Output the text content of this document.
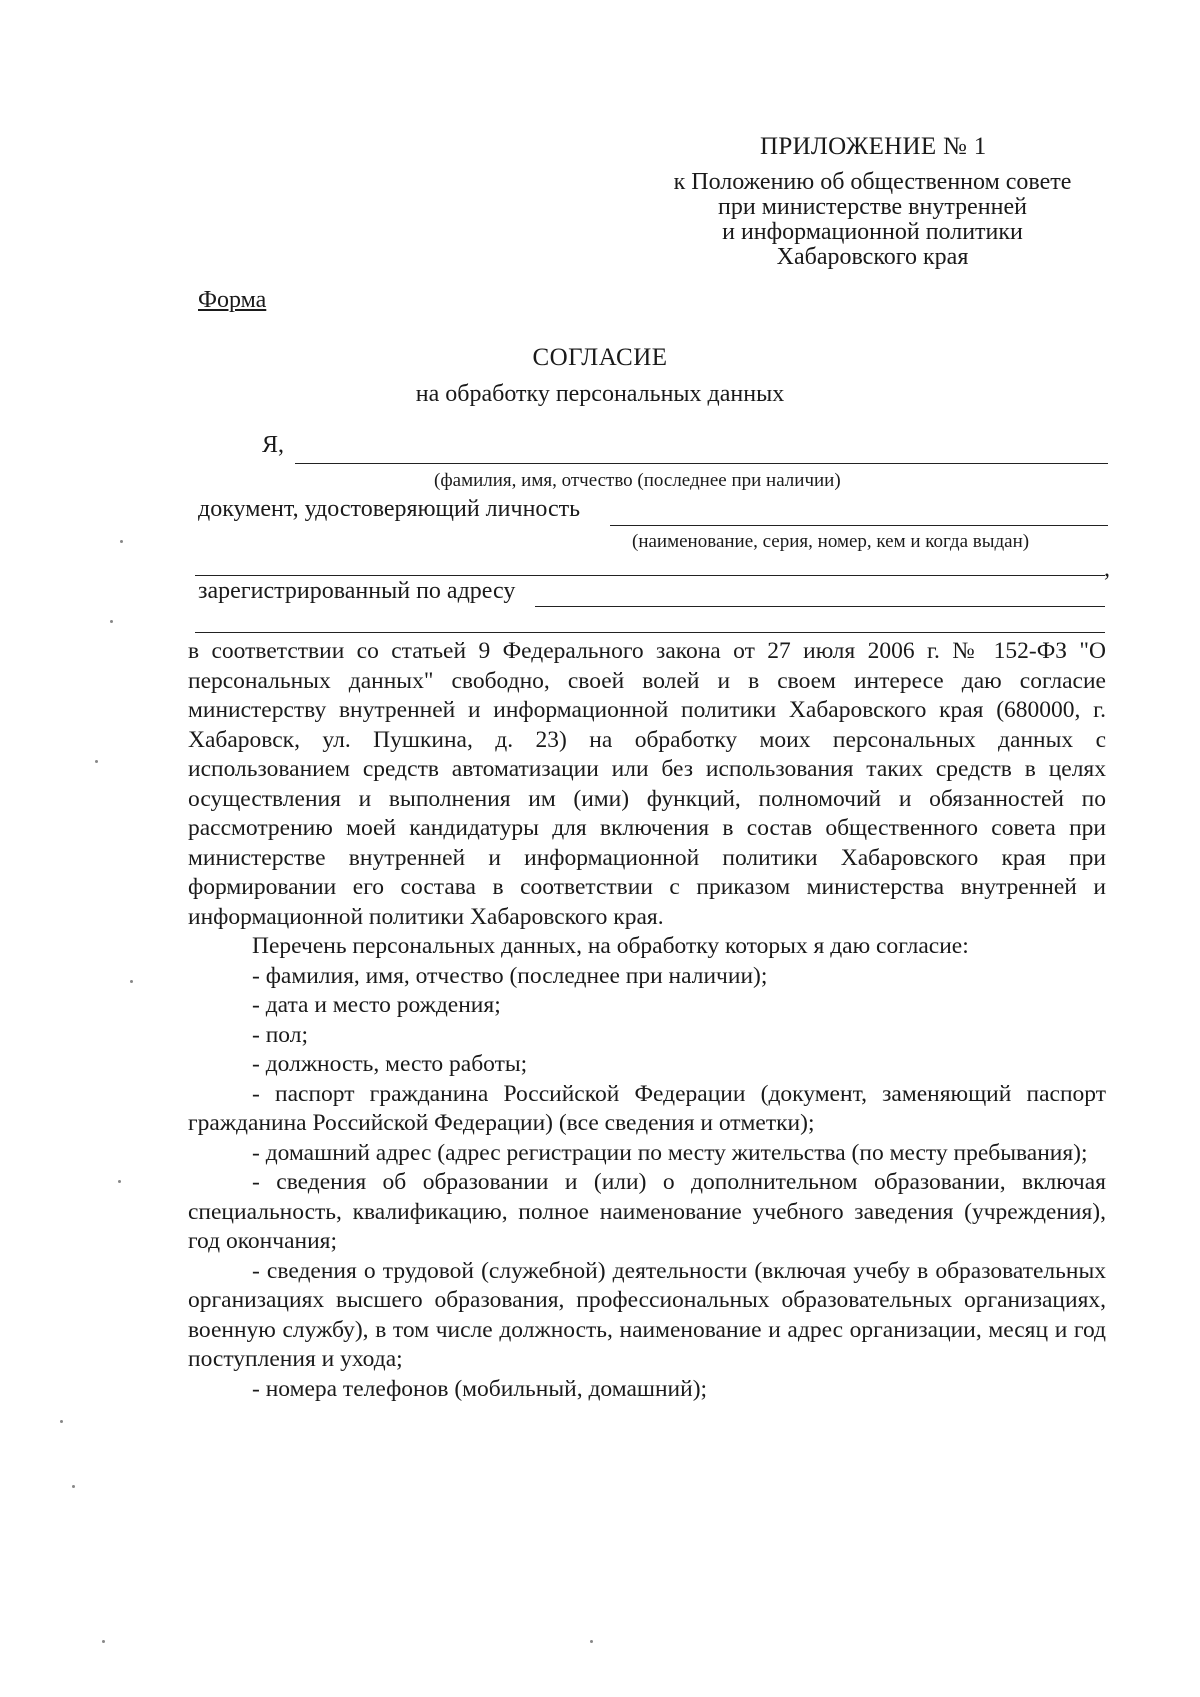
ПРИЛОЖЕНИЕ № 1
к Положению об общественном совете
при министерстве внутренней
и информационной политики
Хабаровского края
Форма
СОГЛАСИЕ
на обработку персональных данных
Я,
(фамилия, имя, отчество (последнее при наличии)
документ, удостоверяющий личность
(наименование, серия, номер, кем и когда выдан)
,
зарегистрированный по адресу

в соответствии со статьей 9 Федерального закона от 27 июля 2006 г. № 152-ФЗ "О персональных данных" свободно, своей волей и в своем интересе даю согласие министерству внутренней и информационной политики Хабаровского края (680000, г. Хабаровск, ул. Пушкина, д. 23) на обработку моих персональных данных с использованием средств автоматизации или без использования таких средств в целях осуществления и выполнения им (ими) функций, полномочий и обязанностей по рассмотрению моей кандидатуры для включения в состав общественного совета при министерстве внутренней и информационной политики Хабаровского края при формировании его состава в соответствии с приказом министерства внутренней и информационной политики Хабаровского края.

Перечень персональных данных, на обработку которых я даю согласие:

- фамилия, имя, отчество (последнее при наличии);

- дата и место рождения;

- пол;

- должность, место работы;

- паспорт гражданина Российской Федерации (документ, заменяющий паспорт гражданина Российской Федерации) (все сведения и отметки);

- домашний адрес (адрес регистрации по месту жительства (по месту пребывания);

- сведения об образовании и (или) о дополнительном образовании, включая специальность, квалификацию, полное наименование учебного заведения (учреждения), год окончания;

- сведения о трудовой (служебной) деятельности (включая учебу в образовательных организациях высшего образования, профессиональных образовательных организациях, военную службу), в том числе должность, наименование и адрес организации, месяц и год поступления и ухода;

- номера телефонов (мобильный, домашний);
